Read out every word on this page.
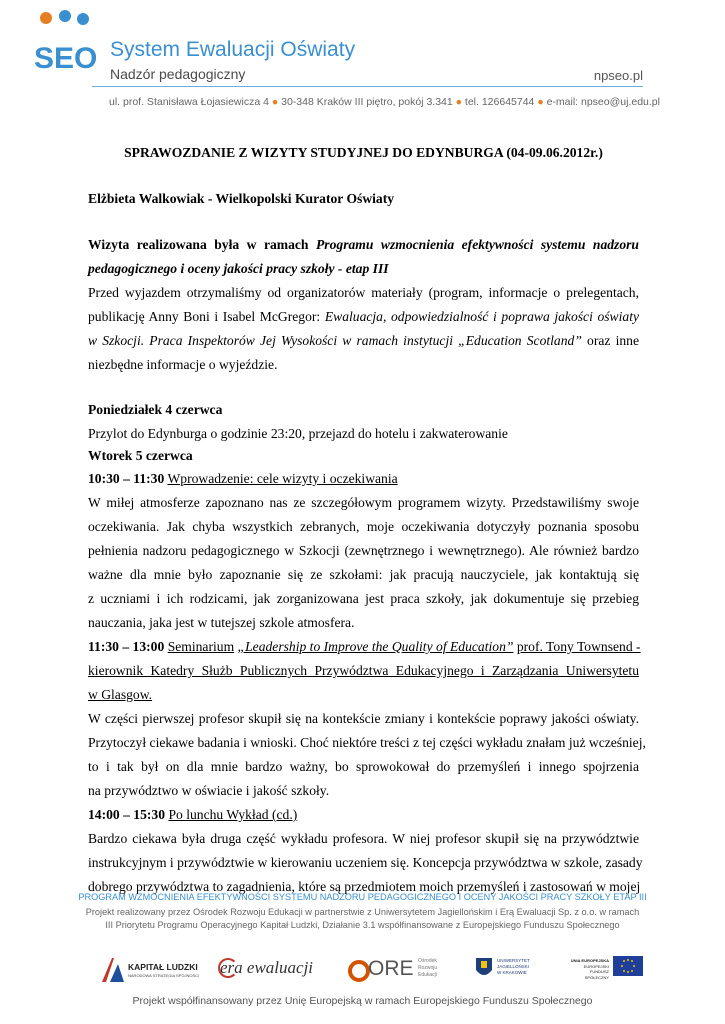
SEO System Ewaluacji Oświaty
Nadzór pedagogiczny	npseo.pl
ul. prof. Stanisława Łojasiewicza 4 ● 30-348 Kraków III piętro, pokój 3.341 ● tel. 126645744 ● e-mail: npseo@uj.edu.pl
SPRAWOZDANIE Z WIZYTY STUDYJNEJ DO EDYNBURGA (04-09.06.2012r.)
Elżbieta Walkowiak - Wielkopolski Kurator Oświaty
Wizyta realizowana była w ramach Programu wzmocnienia efektywności systemu nadzoru
pedagogicznego i oceny jakości pracy szkoły - etap III
Przed wyjazdem otrzymaliśmy od organizatorów materiały (program, informacje o prelegentach,
publikację Anny Boni i Isabel McGregor: Ewaluacja, odpowiedzialność i poprawa jakości oświaty
w Szkocji. Praca Inspektorów Jej Wysokości w ramach instytucji „Education Scotland” oraz inne
niezbędne informacje o wyjeździe.
Poniedziałek 4 czerwca
Przylot do Edynburga o godzinie 23:20, przejazd do hotelu i zakwaterowanie
Wtorek 5 czerwca
10:30 – 11:30 Wprowadzenie: cele wizyty i oczekiwania
W miłej atmosferze zapoznano nas ze szczegółowym programem wizyty. Przedstawiliśmy swoje
oczekiwania. Jak chyba wszystkich zebranych, moje oczekiwania dotyczyły poznania sposobu
pełnienia nadzoru pedagogicznego w Szkocji (zewnętrznego i wewnętrznego). Ale również bardzo
ważne dla mnie było zapoznanie się ze szkołami: jak pracują nauczyciele, jak kontaktują się
z uczniami i ich rodzicami, jak zorganizowana jest praca szkoły, jak dokumentuje się przebieg
nauczania, jaka jest w tutejszej szkole atmosfera.
11:30 – 13:00 Seminarium „Leadership to Improve the Quality of Education” prof. Tony Townsend -
kierownik Katedry Służb Publicznych Przywództwa Edukacyjnego i Zarządzania Uniwersytetu
w Glasgow.
W części pierwszej profesor skupił się na kontekście zmiany i kontekście poprawy jakości oświaty.
Przytoczył ciekawe badania i wnioski. Choć niektóre treści z tej części wykładu znałam już wcześniej,
to i tak był on dla mnie bardzo ważny, bo sprowokował do przemyśleń i innego spojrzenia
na przywództwo w oświacie i jakość szkoły.
14:00 – 15:30 Po lunchu Wykład (cd.)
Bardzo ciekawa była druga część wykładu profesora. W niej profesor skupił się na przywództwie
instrukcyjnym i przywództwie w kierowaniu uczeniem się. Koncepcja przywództwa w szkole, zasady
dobrego przywództwa to zagadnienia, które są przedmiotem moich przemyśleń i zastosowań w mojej
PROGRAM WZMOCNIENIA EFEKTYWNOŚCI SYSTEMU NADZORU PEDAGOGICZNEGO I OCENY JAKOŚCI PRACY SZKOŁY ETAP III
Projekt realizowany przez Ośrodek Rozwoju Edukacji w partnerstwie z Uniwersytetem Jagiellońskim i Erą Ewaluacji Sp. z o.o. w ramach
III Priorytetu Programu Operacyjnego Kapitał Ludzki, Działanie 3.1 współfinansowane z Europejskiego Funduszu Społecznego
KAPITAŁ LUDZKI
NARODOWA STRATEGIA SPÓJNOŚCI era ewaluacji	ORE Ośrodek
Rozwoju
Edukacji
UNIWERSYTET
JAGIELLOŃSKI
W KRAKOWIE
UNIA EUROPEJSKA
EUROPEJSKI
FUNDUSZ SPOŁECZNY
Projekt współfinansowany przez Unię Europejską w ramach Europejskiego Funduszu Społecznego
